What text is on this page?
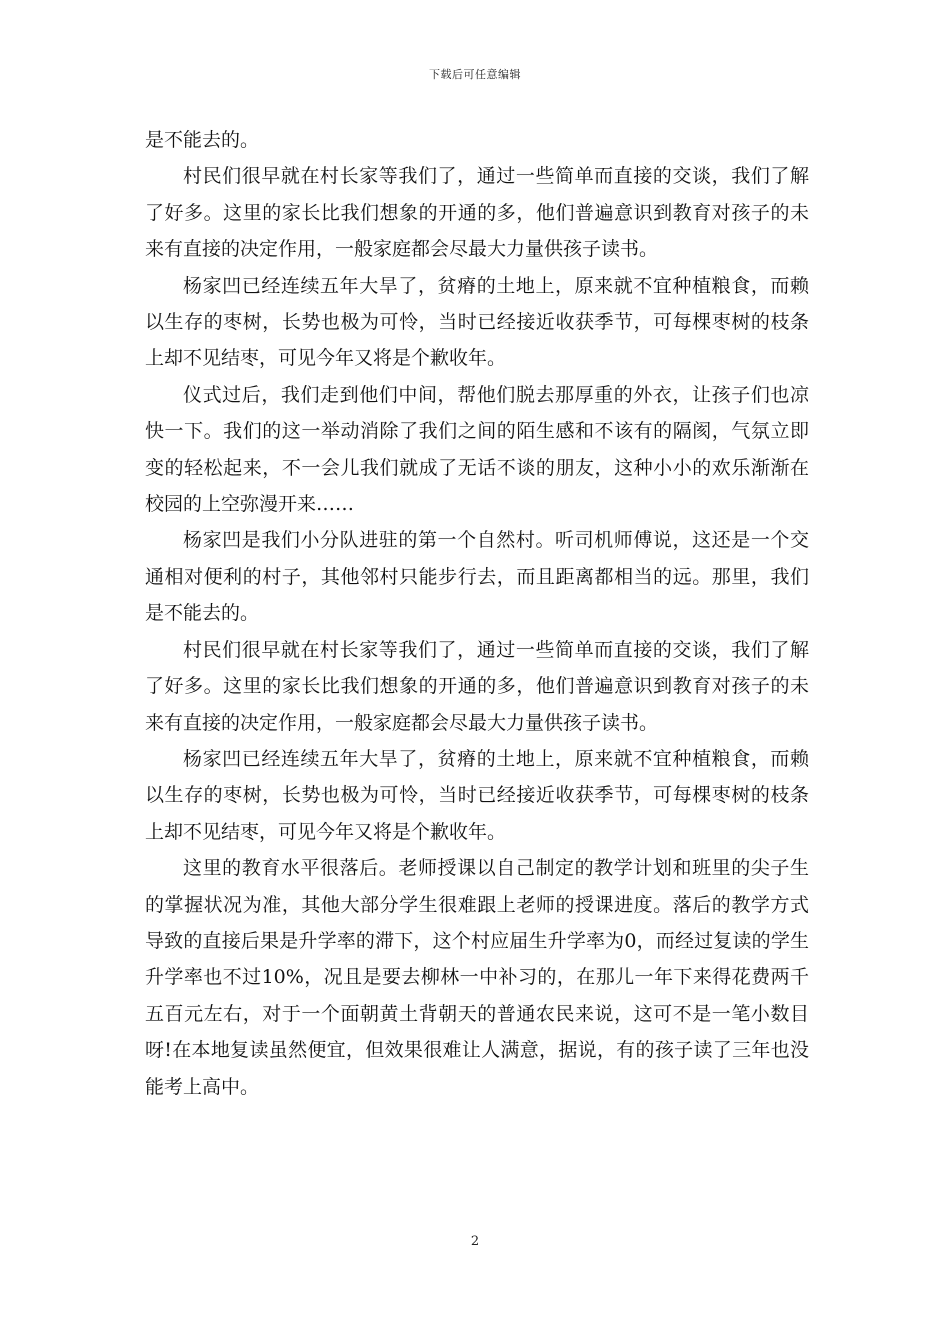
下载后可任意编辑

是不能去的。

村民们很早就在村长家等我们了，通过一些简单而直接的交谈，我们了解了好多。这里的家长比我们想象的开通的多，他们普遍意识到教育对孩子的未来有直接的决定作用，一般家庭都会尽最大力量供孩子读书。

杨家凹已经连续五年大旱了，贫瘠的土地上，原来就不宜种植粮食，而赖以生存的枣树，长势也极为可怜，当时已经接近收获季节，可每棵枣树的枝条上却不见结枣，可见今年又将是个歉收年。

仪式过后，我们走到他们中间，帮他们脱去那厚重的外衣，让孩子们也凉快一下。我们的这一举动消除了我们之间的陌生感和不该有的隔阂，气氛立即变的轻松起来，不一会儿我们就成了无话不谈的朋友，这种小小的欢乐渐渐在校园的上空弥漫开来……

杨家凹是我们小分队进驻的第一个自然村。听司机师傅说，这还是一个交通相对便利的村子，其他邻村只能步行去，而且距离都相当的远。那里，我们是不能去的。

村民们很早就在村长家等我们了，通过一些简单而直接的交谈，我们了解了好多。这里的家长比我们想象的开通的多，他们普遍意识到教育对孩子的未来有直接的决定作用，一般家庭都会尽最大力量供孩子读书。

杨家凹已经连续五年大旱了，贫瘠的土地上，原来就不宜种植粮食，而赖以生存的枣树，长势也极为可怜，当时已经接近收获季节，可每棵枣树的枝条上却不见结枣，可见今年又将是个歉收年。

这里的教育水平很落后。老师授课以自己制定的教学计划和班里的尖子生的掌握状况为准，其他大部分学生很难跟上老师的授课进度。落后的教学方式导致的直接后果是升学率的滞下，这个村应届生升学率为0，而经过复读的学生升学率也不过10%，况且是要去柳林一中补习的，在那儿一年下来得花费两千五百元左右，对于一个面朝黄土背朝天的普通农民来说，这可不是一笔小数目呀!在本地复读虽然便宜，但效果很难让人满意，据说，有的孩子读了三年也没能考上高中。

2
